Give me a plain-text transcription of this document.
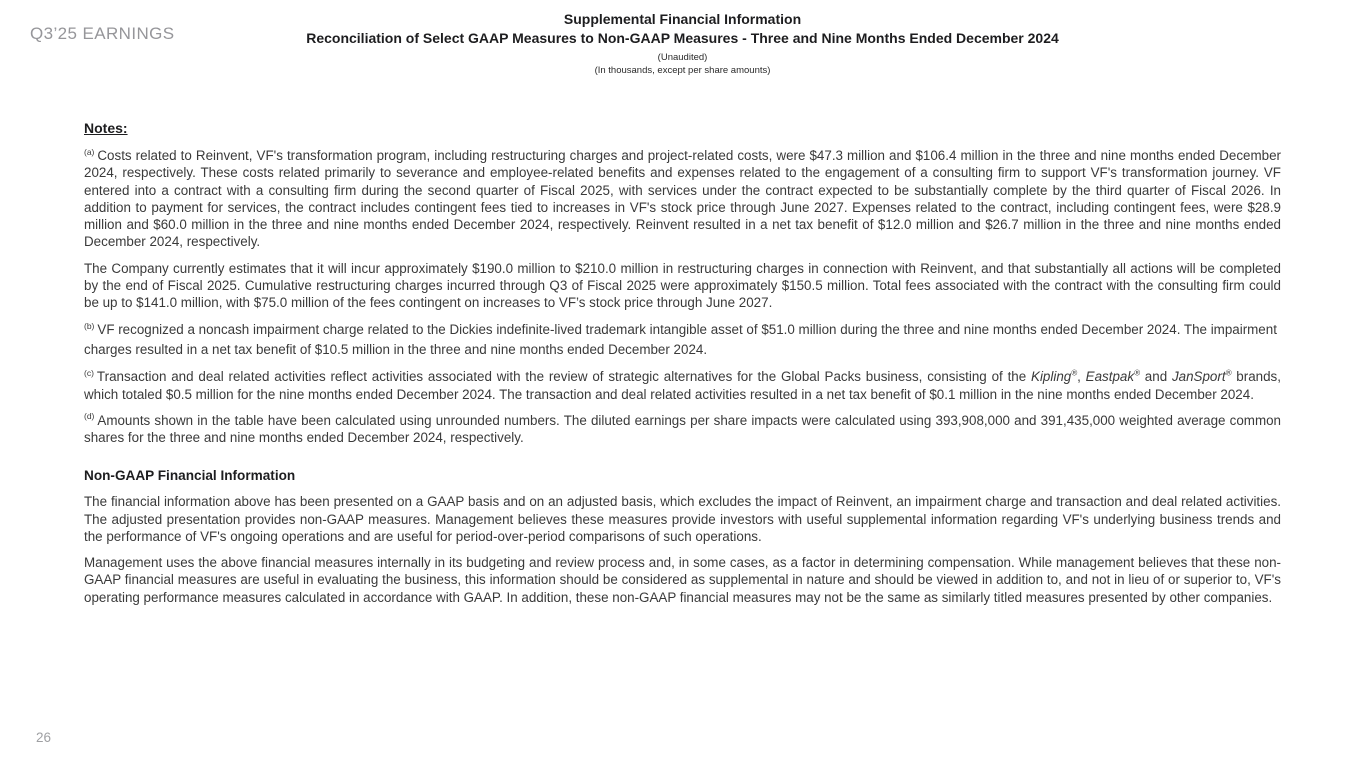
Q3’25 EARNINGS
Supplemental Financial Information
Reconciliation of Select GAAP Measures to Non-GAAP Measures - Three and Nine Months Ended December 2024
(Unaudited)
(In thousands, except per share amounts)
Notes:

$^{(a)}$ Costs related to Reinvent, VF's transformation program, including restructuring charges and project-related costs, were $47.3 million and $106.4 million in the three and nine months ended December 2024, respectively. These costs related primarily to severance and employee-related benefits and expenses related to the engagement of a consulting firm to support VF's transformation journey. VF entered into a contract with a consulting firm during the second quarter of Fiscal 2025, with services under the contract expected to be substantially complete by the third quarter of Fiscal 2026. In addition to payment for services, the contract includes contingent fees tied to increases in VF's stock price through June 2027. Expenses related to the contract, including contingent fees, were $28.9 million and $60.0 million in the three and nine months ended December 2024, respectively. Reinvent resulted in a net tax benefit of $12.0 million and $26.7 million in the three and nine months ended December 2024, respectively.

The Company currently estimates that it will incur approximately $190.0 million to $210.0 million in restructuring charges in connection with Reinvent, and that substantially all actions will be completed by the end of Fiscal 2025. Cumulative restructuring charges incurred through Q3 of Fiscal 2025 were approximately $150.5 million. Total fees associated with the contract with the consulting firm could be up to $141.0 million, with $75.0 million of the fees contingent on increases to VF’s stock price through June 2027.

$^{(b)}$ VF recognized a noncash impairment charge related to the Dickies indefinite-lived trademark intangible asset of $51.0 million during the three and nine months ended December 2024. The impairment charges resulted in a net tax benefit of $10.5 million in the three and nine months ended December 2024.

$^{(c)}$ Transaction and deal related activities reflect activities associated with the review of strategic alternatives for the Global Packs business, consisting of the Kipling®, Eastpak® and JanSport® brands, which totaled $0.5 million for the nine months ended December 2024. The transaction and deal related activities resulted in a net tax benefit of $0.1 million in the nine months ended December 2024.

$^{(d)}$ Amounts shown in the table have been calculated using unrounded numbers. The diluted earnings per share impacts were calculated using 393,908,000 and 391,435,000 weighted average common shares for the three and nine months ended December 2024, respectively.

Non-GAAP Financial Information

The financial information above has been presented on a GAAP basis and on an adjusted basis, which excludes the impact of Reinvent, an impairment charge and transaction and deal related activities. The adjusted presentation provides non-GAAP measures. Management believes these measures provide investors with useful supplemental information regarding VF's underlying business trends and the performance of VF's ongoing operations and are useful for period-over-period comparisons of such operations.

Management uses the above financial measures internally in its budgeting and review process and, in some cases, as a factor in determining compensation. While management believes that these non-GAAP financial measures are useful in evaluating the business, this information should be considered as supplemental in nature and should be viewed in addition to, and not in lieu of or superior to, VF's operating performance measures calculated in accordance with GAAP. In addition, these non-GAAP financial measures may not be the same as similarly titled measures presented by other companies.

26
